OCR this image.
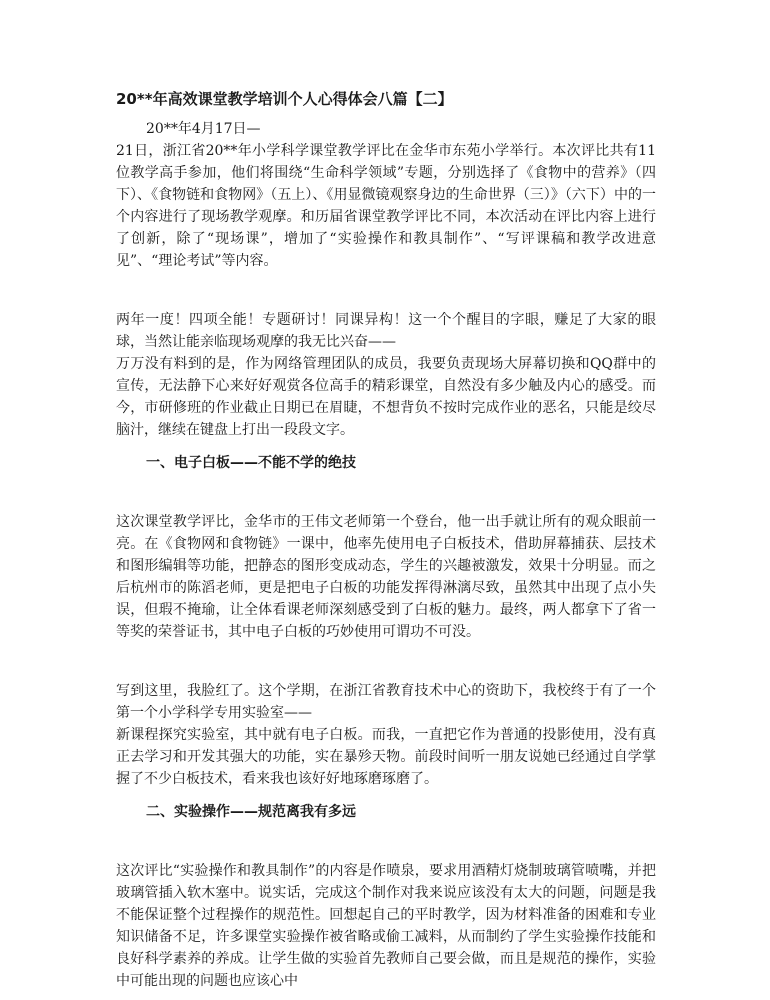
20**年高效课堂教学培训个人心得体会八篇【二】

20**年4月17日—

21日，浙江省20**年小学科学课堂教学评比在金华市东苑小学举行。本次评比共有11位教学高手参加，他们将围绕“生命科学领域”专题，分别选择了《食物中的营养》（四下）、《食物链和食物网》（五上）、《用显微镜观察身边的生命世界（三）》（六下）中的一个内容进行了现场教学观摩。和历届省课堂教学评比不同，本次活动在评比内容上进行了创新，除了“现场课”，增加了“实验操作和教具制作”、“写评课稿和教学改进意见”、“理论考试”等内容。

两年一度！四项全能！专题研讨！同课异构！这一个个醒目的字眼，赚足了大家的眼球，当然让能亲临现场观摩的我无比兴奋——

万万没有料到的是，作为网络管理团队的成员，我要负责现场大屏幕切换和QQ群中的宣传，无法静下心来好好观赏各位高手的精彩课堂，自然没有多少触及内心的感受。而今，市研修班的作业截止日期已在眉睫，不想背负不按时完成作业的恶名，只能是绞尽脑汁，继续在键盘上打出一段段文字。

一、电子白板——不能不学的绝技

这次课堂教学评比，金华市的王伟文老师第一个登台，他一出手就让所有的观众眼前一亮。在《食物网和食物链》一课中，他率先使用电子白板技术，借助屏幕捕获、层技术和图形编辑等功能，把静态的图形变成动态，学生的兴趣被激发，效果十分明显。而之后杭州市的陈滔老师，更是把电子白板的功能发挥得淋漓尽致，虽然其中出现了点小失误，但瑕不掩瑜，让全体看课老师深刻感受到了白板的魅力。最终，两人都拿下了省一等奖的荣誉证书，其中电子白板的巧妙使用可谓功不可没。

写到这里，我脸红了。这个学期，在浙江省教育技术中心的资助下，我校终于有了一个第一个小学科学专用实验室——

新课程探究实验室，其中就有电子白板。而我，一直把它作为普通的投影使用，没有真正去学习和开发其强大的功能，实在暴殄天物。前段时间听一朋友说她已经通过自学掌握了不少白板技术，看来我也该好好地琢磨琢磨了。

二、实验操作——规范离我有多远

这次评比“实验操作和教具制作”的内容是作喷泉，要求用酒精灯烧制玻璃管喷嘴，并把玻璃管插入软木塞中。说实话，完成这个制作对我来说应该没有太大的问题，问题是我不能保证整个过程操作的规范性。回想起自己的平时教学，因为材料准备的困难和专业知识储备不足，许多课堂实验操作被省略或偷工减料，从而制约了学生实验操作技能和良好科学素养的养成。让学生做的实验首先教师自己要会做，而且是规范的操作，实验中可能出现的问题也应该心中
